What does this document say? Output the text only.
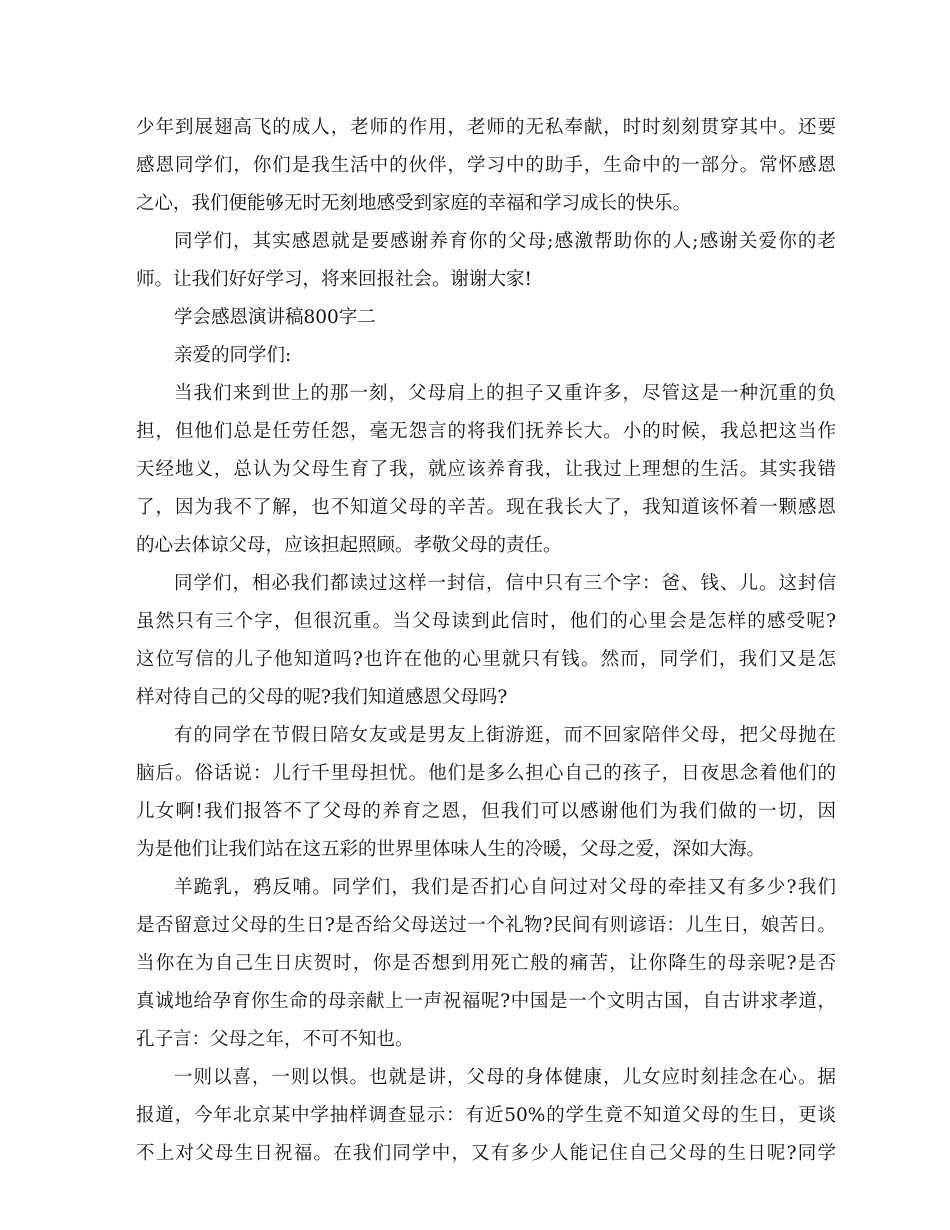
少年到展翅高飞的成人，老师的作用，老师的无私奉献，时时刻刻贯穿其中。还要
感恩同学们，你们是我生活中的伙伴，学习中的助手，生命中的一部分。常怀感恩
之心，我们便能够无时无刻地感受到家庭的幸福和学习成长的快乐。
同学们，其实感恩就是要感谢养育你的父母;感激帮助你的人;感谢关爱你的老
师。让我们好好学习，将来回报社会。谢谢大家!
学会感恩演讲稿800字二
亲爱的同学们:
当我们来到世上的那一刻，父母肩上的担子又重许多，尽管这是一种沉重的负
担，但他们总是任劳任怨，毫无怨言的将我们抚养长大。小的时候，我总把这当作
天经地义，总认为父母生育了我，就应该养育我，让我过上理想的生活。其实我错
了，因为我不了解，也不知道父母的辛苦。现在我长大了，我知道该怀着一颗感恩
的心去体谅父母，应该担起照顾。孝敬父母的责任。
同学们，相必我们都读过这样一封信，信中只有三个字：爸、钱、儿。这封信
虽然只有三个字，但很沉重。当父母读到此信时，他们的心里会是怎样的感受呢?
这位写信的儿子他知道吗?也许在他的心里就只有钱。然而，同学们，我们又是怎
样对待自己的父母的呢?我们知道感恩父母吗?
有的同学在节假日陪女友或是男友上街游逛，而不回家陪伴父母，把父母抛在
脑后。俗话说：儿行千里母担忧。他们是多么担心自己的孩子，日夜思念着他们的
儿女啊!我们报答不了父母的养育之恩，但我们可以感谢他们为我们做的一切，因
为是他们让我们站在这五彩的世界里体味人生的冷暖，父母之爱，深如大海。
羊跪乳，鸦反哺。同学们，我们是否扪心自问过对父母的牵挂又有多少?我们
是否留意过父母的生日?是否给父母送过一个礼物?民间有则谚语：儿生日，娘苦日。
当你在为自己生日庆贺时，你是否想到用死亡般的痛苦，让你降生的母亲呢?是否
真诚地给孕育你生命的母亲献上一声祝福呢?中国是一个文明古国，自古讲求孝道，
孔子言：父母之年，不可不知也。
一则以喜，一则以惧。也就是讲，父母的身体健康，儿女应时刻挂念在心。据
报道，今年北京某中学抽样调查显示：有近50%的学生竟不知道父母的生日，更谈
不上对父母生日祝福。在我们同学中，又有多少人能记住自己父母的生日呢?同学
